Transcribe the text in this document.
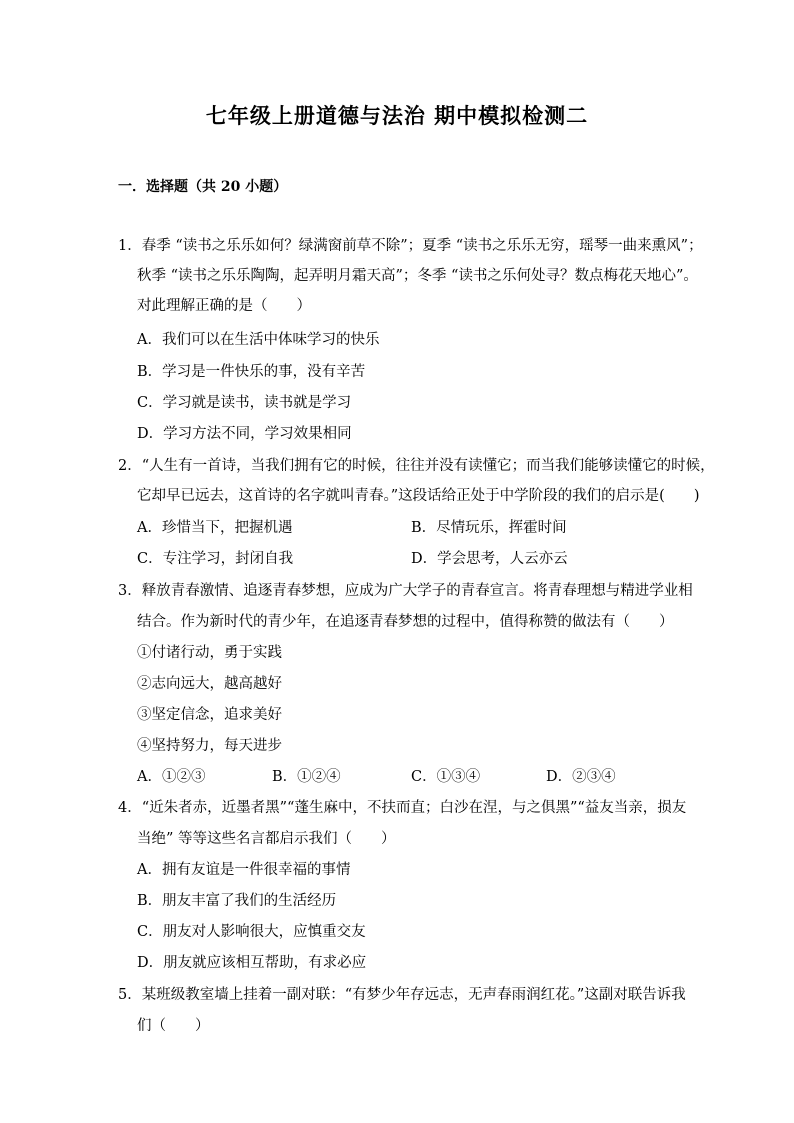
七年级上册道德与法治 期中模拟检测二
一．选择题（共 20 小题）
1．春季 “读书之乐乐如何？绿满窗前草不除”；夏季 “读书之乐乐无穷，瑶琴一曲来熏风”；
秋季 “读书之乐乐陶陶，起弄明月霜天高”；冬季 “读书之乐何处寻？数点梅花天地心”。
对此理解正确的是（　　）
A．我们可以在生活中体味学习的快乐
B．学习是一件快乐的事，没有辛苦
C．学习就是读书，读书就是学习
D．学习方法不同，学习效果相同
2．“人生有一首诗，当我们拥有它的时候，往往并没有读懂它；而当我们能够读懂它的时候，
它却早已远去，这首诗的名字就叫青春。”这段话给正处于中学阶段的我们的启示是(　　)
A．珍惜当下，把握机遇	B．尽情玩乐，挥霍时间
C．专注学习，封闭自我	D．学会思考，人云亦云
3．释放青春激情、追逐青春梦想，应成为广大学子的青春宣言。将青春理想与精进学业相
结合。作为新时代的青少年，在追逐青春梦想的过程中，值得称赞的做法有（　　）
①付诸行动，勇于实践
②志向远大，越高越好
③坚定信念，追求美好
④坚持努力，每天进步
A．①②③	B．①②④	C．①③④	D．②③④
4．“近朱者赤，近墨者黑”“蓬生麻中，不扶而直；白沙在涅，与之俱黑”“益友当亲，损友
当绝” 等等这些名言都启示我们（　　）
A．拥有友谊是一件很幸福的事情
B．朋友丰富了我们的生活经历
C．朋友对人影响很大，应慎重交友
D．朋友就应该相互帮助，有求必应
5．某班级教室墙上挂着一副对联：“有梦少年存远志，无声春雨润红花。”这副对联告诉我
们（　　）
